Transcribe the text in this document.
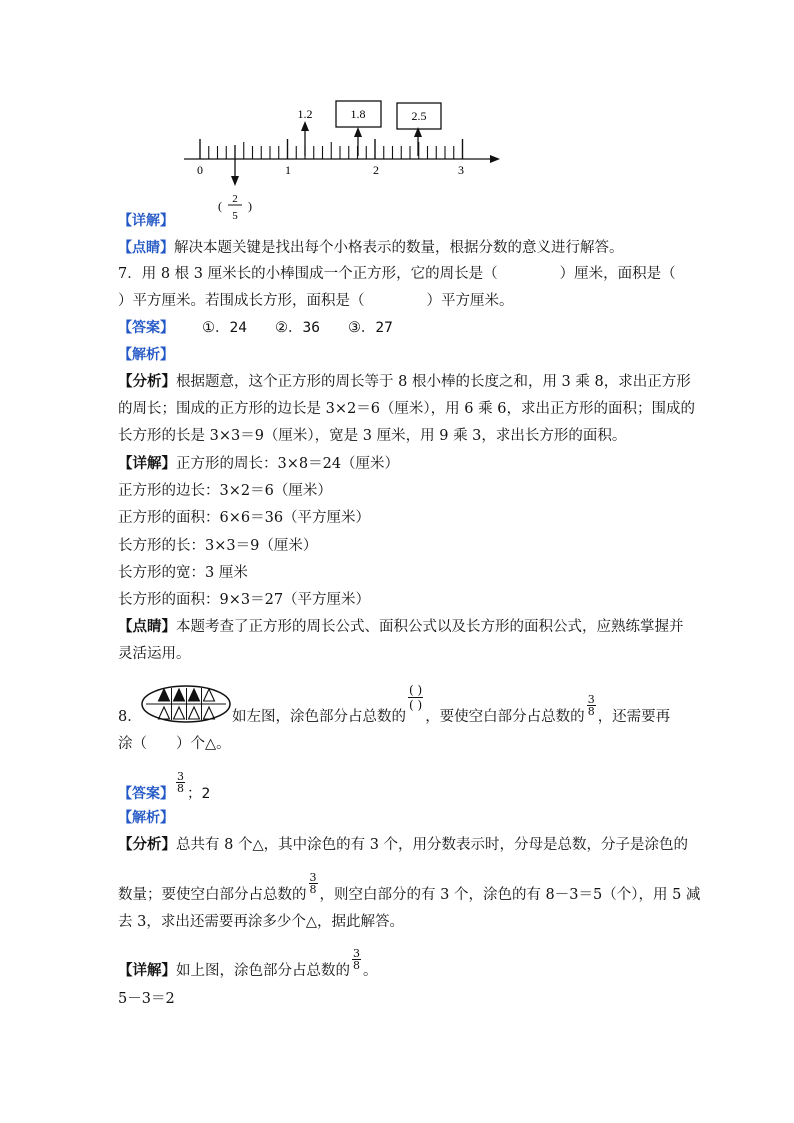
0	1	2	3
1.2	1.8	2.5
( 2
5
)
【详解】
【点睛】解决本题关键是找出每个小格表示的数量，根据分数的意义进行解答。
7．用 8 根 3 厘米长的小棒围成一个正方形，它的周长是（	）厘米，面积是（
）平方厘米。若围成长方形，面积是（	）平方厘米。
【答案】 ①．24 ②．36 ③．27
【解析】
【分析】根据题意，这个正方形的周长等于 8 根小棒的长度之和，用 3 乘 8，求出正方形
的周长；围成的正方形的边长是 3×2＝6（厘米），用 6 乘 6，求出正方形的面积；围成的
长方形的长是 3×3＝9（厘米），宽是 3 厘米，用 9 乘 3，求出长方形的面积。
【详解】正方形的周长：3×8＝24（厘米）
正方形的边长：3×2＝6（厘米）
正方形的面积：6×6＝36（平方厘米）
长方形的长：3×3＝9（厘米）
长方形的宽：3 厘米
长方形的面积：9×3＝27（平方厘米）
【点睛】本题考查了正方形的周长公式、面积公式以及长方形的面积公式，应熟练掌握并
灵活运用。
8．	如左图，涂色部分占总数的
$\frac{( )}{( )}$
，要使空白部分占总数的
$\frac{3}{8}$
，还需要再
涂（　　）个△。
【答案】
$\frac{3}{8}$
；2
【解析】
【分析】总共有 8 个△，其中涂色的有 3 个，用分数表示时，分母是总数，分子是涂色的
数量；要使空白部分占总数的
$\frac{3}{8}$
，则空白部分的有 3 个，涂色的有 8－3＝5（个），用 5 减
去 3，求出还需要再涂多少个△，据此解答。
【详解】如上图，涂色部分占总数的
$\frac{3}{8}$
。
5－3＝2
